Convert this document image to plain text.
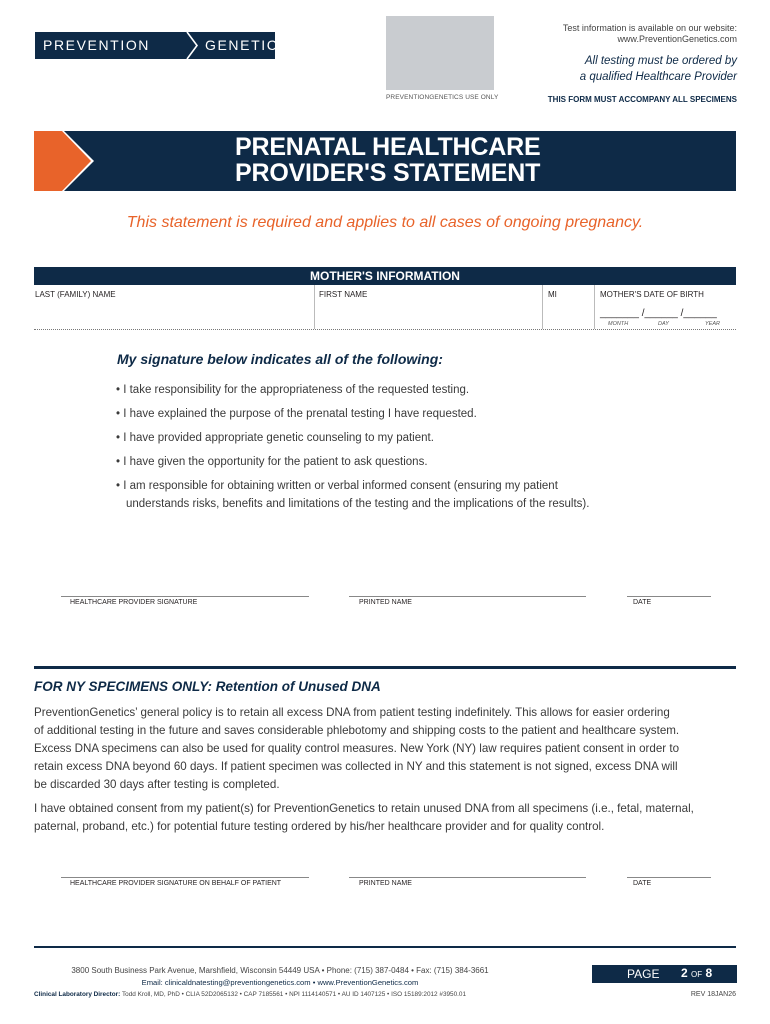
PREVENTION	GENETICS
PREVENTIONGENETICS USE ONLY
Test information is available on our website:
www.PreventionGenetics.com
All testing must be ordered by
a qualified Healthcare Provider
THIS FORM MUST ACCOMPANY ALL SPECIMENS
PRENATAL HEALTHCARE
PROVIDER'S STATEMENT
This statement is required and applies to all cases of ongoing pregnancy.
MOTHER'S INFORMATION
LAST (FAMILY) NAME	FIRST NAME	MI	MOTHER'S DATE OF BIRTH
_______ /______ /______
MONTH	DAY	YEAR
My signature below indicates all of the following:
• I take responsibility for the appropriateness of the requested testing.
• I have explained the purpose of the prenatal testing I have requested.
• I have provided appropriate genetic counseling to my patient.
• I have given the opportunity for the patient to ask questions.
• I am responsible for obtaining written or verbal informed consent (ensuring my patient
understands risks, benefits and limitations of the testing and the implications of the results).
HEALTHCARE PROVIDER SIGNATURE	PRINTED NAME	DATE
FOR NY SPECIMENS ONLY: Retention of Unused DNA
PreventionGenetics’ general policy is to retain all excess DNA from patient testing indefinitely. This allows for easier ordering
of additional testing in the future and saves considerable phlebotomy and shipping costs to the patient and healthcare system.
Excess DNA specimens can also be used for quality control measures. New York (NY) law requires patient consent in order to
retain excess DNA beyond 60 days. If patient specimen was collected in NY and this statement is not signed, excess DNA will
be discarded 30 days after testing is completed.
I have obtained consent from my patient(s) for PreventionGenetics to retain unused DNA from all specimens (i.e., fetal, maternal,
paternal, proband, etc.) for potential future testing ordered by his/her healthcare provider and for quality control.
HEALTHCARE PROVIDER SIGNATURE ON BEHALF OF PATIENT	PRINTED NAME	DATE
3800 South Business Park Avenue, Marshfield, Wisconsin 54449 USA • Phone: (715) 387-0484 • Fax: (715) 384-3661
Email: clinicaldnatesting@preventiongenetics.com • www.PreventionGenetics.com
Clinical Laboratory Director: Todd Kroll, MD, PhD • CLIA 52D2065132 • CAP 7185561 • NPI 1114140571 • AU ID 1407125 • ISO 15189:2012 #3950.01
PAGE 2 OF 8
REV 18JAN26
